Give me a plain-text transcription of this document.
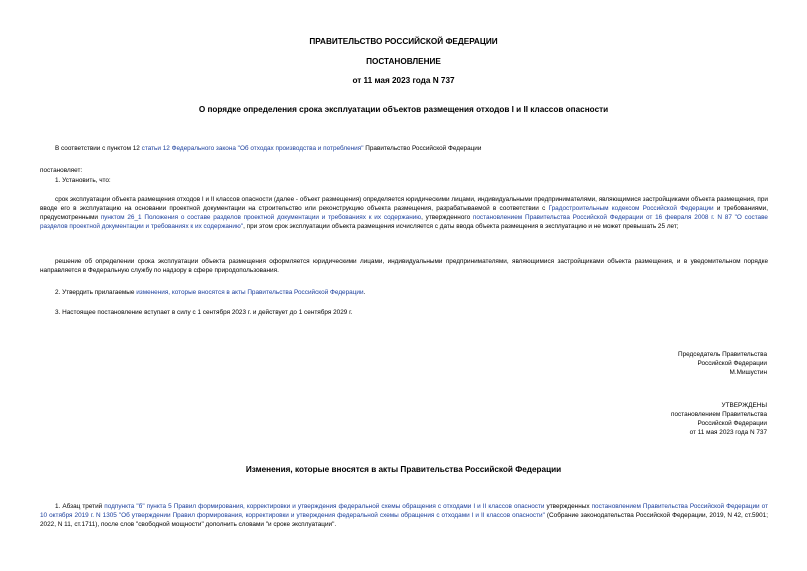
ПРАВИТЕЛЬСТВО РОССИЙСКОЙ ФЕДЕРАЦИИ
ПОСТАНОВЛЕНИЕ
от 11 мая 2023 года N 737
О порядке определения срока эксплуатации объектов размещения отходов I и II классов опасности

В соответствии с пунктом 12 статьи 12 Федерального закона "Об отходах производства и потребления" Правительство Российской Федерации

постановляет:

1. Установить, что:

срок эксплуатации объекта размещения отходов I и II классов опасности (далее - объект размещения) определяется юридическими лицами, индивидуальными предпринимателями, являющимися застройщиками объекта размещения, при вводе его в эксплуатацию на основании проектной документации на строительство или реконструкцию объекта размещения, разрабатываемой в соответствии с Градостроительным кодексом Российской Федерации и требованиями, предусмотренными пунктом 26_1 Положения о составе разделов проектной документации и требованиях к их содержанию, утвержденного постановлением Правительства Российской Федерации от 16 февраля 2008 г. N 87 "О составе разделов проектной документации и требованиях к их содержанию", при этом срок эксплуатации объекта размещения исчисляется с даты ввода объекта размещения в эксплуатацию и не может превышать 25 лет;

решение об определении срока эксплуатации объекта размещения оформляется юридическими лицами, индивидуальными предпринимателями, являющимися застройщиками объекта размещения, и в уведомительном порядке направляется в Федеральную службу по надзору в сфере природопользования.

2. Утвердить прилагаемые изменения, которые вносятся в акты Правительства Российской Федерации.

3. Настоящее постановление вступает в силу с 1 сентября 2023 г. и действует до 1 сентября 2029 г.

Председатель Правительства
Российской Федерации
М.Мишустин
УТВЕРЖДЕНЫ
постановлением Правительства
Российской Федерации
от 11 мая 2023 года N 737
Изменения, которые вносятся в акты Правительства Российской Федерации

1. Абзац третий подпункта "б" пункта 5 Правил формирования, корректировки и утверждения федеральной схемы обращения с отходами I и II классов опасности утвержденных постановлением Правительства Российской Федерации от 10 октября 2019 г. N 1305 "Об утверждении Правил формирования, корректировки и утверждения федеральной схемы обращения с отходами I и II классов опасности" (Собрание законодательства Российской Федерации, 2019, N 42, ст.5901; 2022, N 11, ст.1711), после слов "свободной мощности" дополнить словами "и сроке эксплуатации".
